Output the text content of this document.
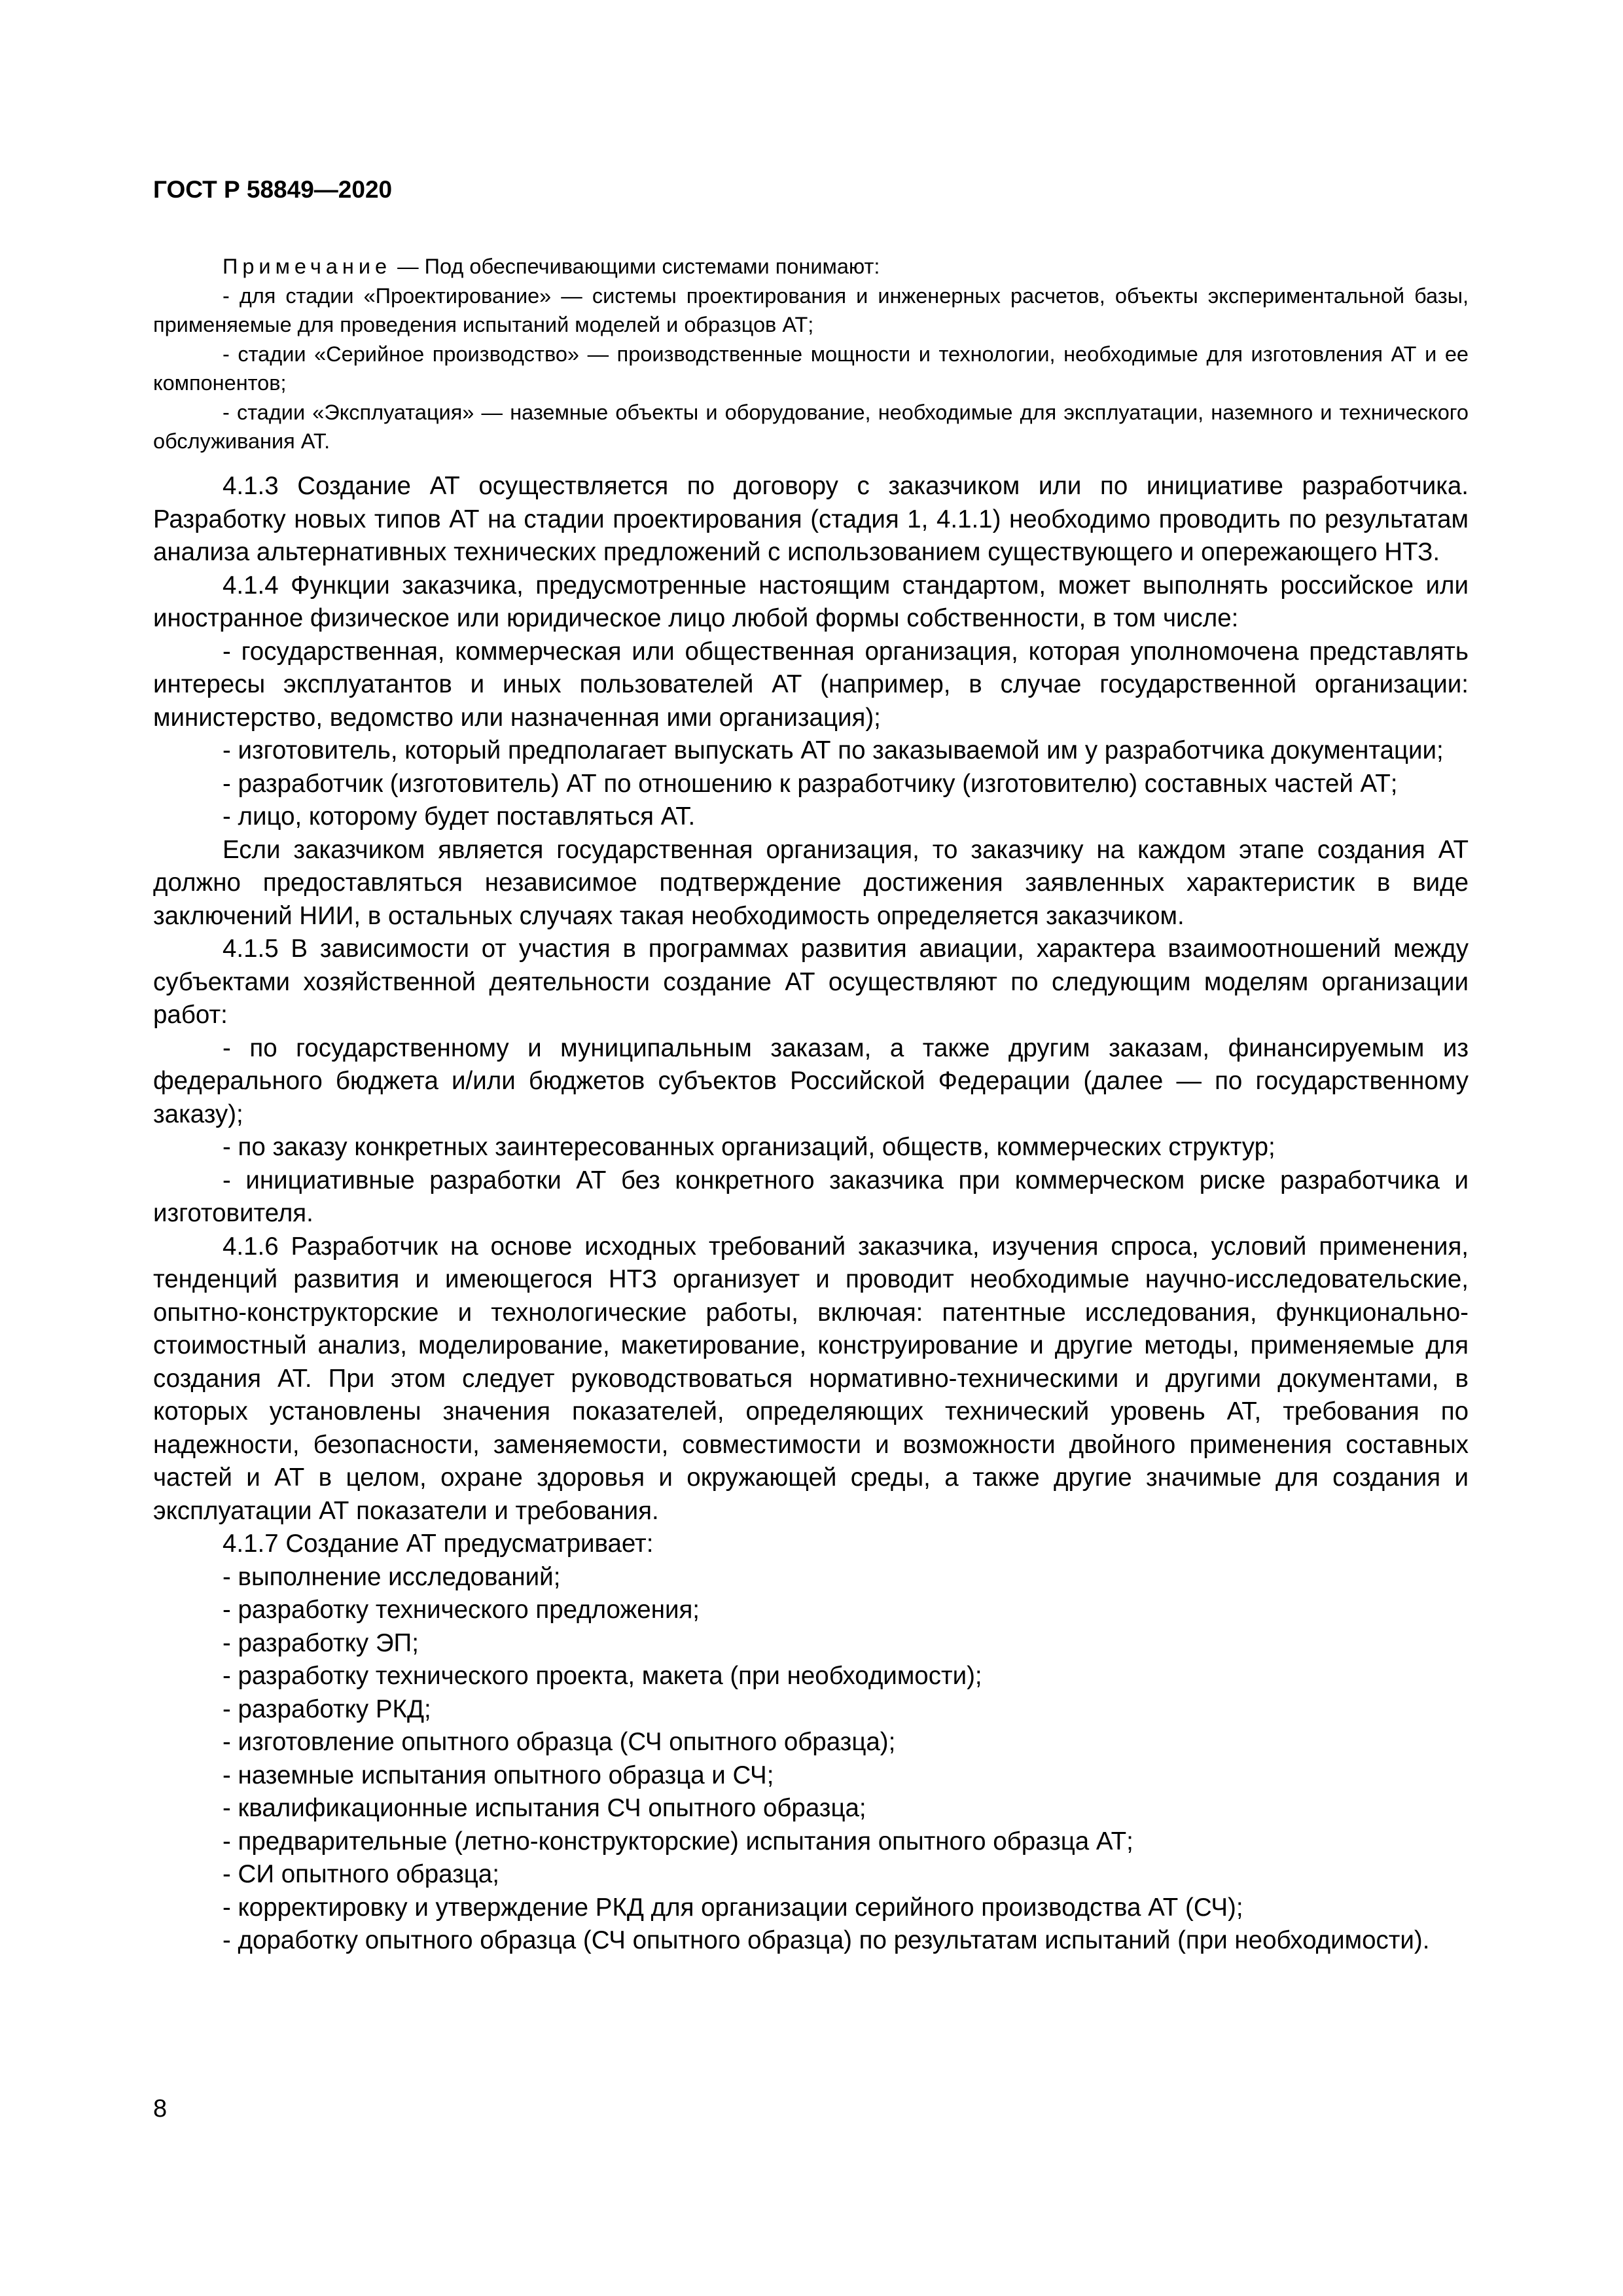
ГОСТ Р 58849—2020

Примечание — Под обеспечивающими системами понимают:

- для стадии «Проектирование» — системы проектирования и инженерных расчетов, объекты экспериментальной базы, применяемые для проведения испытаний моделей и образцов АТ;

- стадии «Серийное производство» — производственные мощности и технологии, необходимые для изготовления АТ и ее компонентов;

- стадии «Эксплуатация» — наземные объекты и оборудование, необходимые для эксплуатации, наземного и технического обслуживания АТ.

4.1.3 Создание АТ осуществляется по договору с заказчиком или по инициативе разработчика. Разработку новых типов АТ на стадии проектирования (стадия 1, 4.1.1) необходимо проводить по результатам анализа альтернативных технических предложений с использованием существующего и опережающего НТЗ.

4.1.4 Функции заказчика, предусмотренные настоящим стандартом, может выполнять российское или иностранное физическое или юридическое лицо любой формы собственности, в том числе:

- государственная, коммерческая или общественная организация, которая уполномочена представлять интересы эксплуатантов и иных пользователей АТ (например, в случае государственной организации: министерство, ведомство или назначенная ими организация);

- изготовитель, который предполагает выпускать АТ по заказываемой им у разработчика документации;

- разработчик (изготовитель) АТ по отношению к разработчику (изготовителю) составных частей АТ;

- лицо, которому будет поставляться АТ.

Если заказчиком является государственная организация, то заказчику на каждом этапе создания АТ должно предоставляться независимое подтверждение достижения заявленных характеристик в виде заключений НИИ, в остальных случаях такая необходимость определяется заказчиком.

4.1.5 В зависимости от участия в программах развития авиации, характера взаимоотношений между субъектами хозяйственной деятельности создание АТ осуществляют по следующим моделям организации работ:

- по государственному и муниципальным заказам, а также другим заказам, финансируемым из федерального бюджета и/или бюджетов субъектов Российской Федерации (далее — по государственному заказу);

- по заказу конкретных заинтересованных организаций, обществ, коммерческих структур;

- инициативные разработки АТ без конкретного заказчика при коммерческом риске разработчика и изготовителя.

4.1.6 Разработчик на основе исходных требований заказчика, изучения спроса, условий применения, тенденций развития и имеющегося НТЗ организует и проводит необходимые научно-исследовательские, опытно-конструкторские и технологические работы, включая: патентные исследования, функционально-стоимостный анализ, моделирование, макетирование, конструирование и другие методы, применяемые для создания АТ. При этом следует руководствоваться нормативно-техническими и другими документами, в которых установлены значения показателей, определяющих технический уровень АТ, требования по надежности, безопасности, заменяемости, совместимости и возможности двойного применения составных частей и АТ в целом, охране здоровья и окружающей среды, а также другие значимые для создания и эксплуатации АТ показатели и требования.

4.1.7 Создание АТ предусматривает:

- выполнение исследований;

- разработку технического предложения;

- разработку ЭП;

- разработку технического проекта, макета (при необходимости);

- разработку РКД;

- изготовление опытного образца (СЧ опытного образца);

- наземные испытания опытного образца и СЧ;

- квалификационные испытания СЧ опытного образца;

- предварительные (летно-конструкторские) испытания опытного образца АТ;

- СИ опытного образца;

- корректировку и утверждение РКД для организации серийного производства АТ (СЧ);

- доработку опытного образца (СЧ опытного образца) по результатам испытаний (при необходимости).

8
